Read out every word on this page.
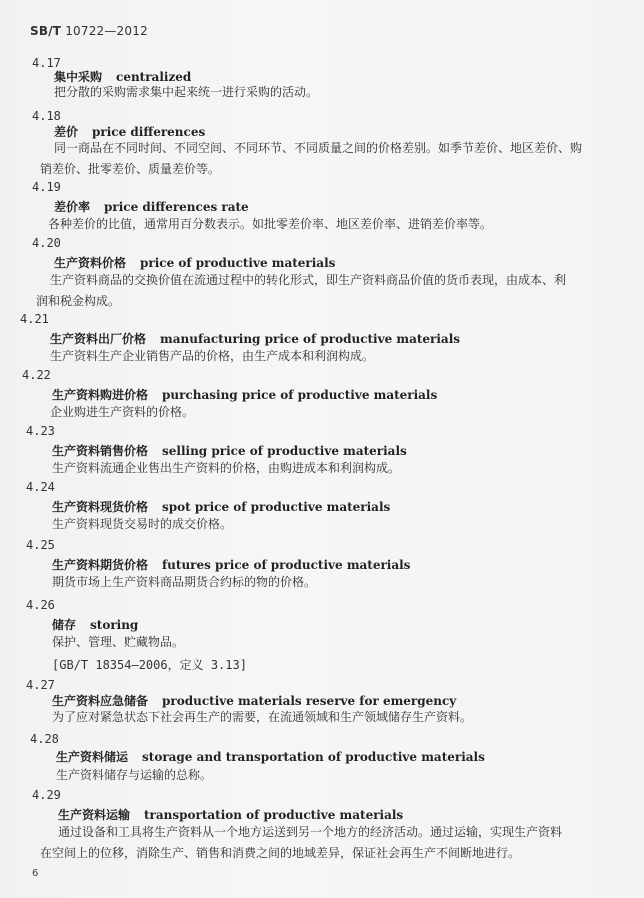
SB/T 10722—2012
4.17
集中采购 centralized
把分散的采购需求集中起来统一进行采购的活动。
4.18
差价 price differences
同一商品在不同时间、不同空间、不同环节、不同质量之间的价格差别。如季节差价、地区差价、购
销差价、批零差价、质量差价等。
4.19
差价率 price differences rate
各种差价的比值，通常用百分数表示。如批零差价率、地区差价率、进销差价率等。
4.20
生产资料价格 price of productive materials
生产资料商品的交换价值在流通过程中的转化形式，即生产资料商品价值的货币表现，由成本、利
润和税金构成。
4.21
生产资料出厂价格 manufacturing price of productive materials
生产资料生产企业销售产品的价格，由生产成本和利润构成。
4.22
生产资料购进价格 purchasing price of productive materials
企业购进生产资料的价格。
4.23
生产资料销售价格 selling price of productive materials
生产资料流通企业售出生产资料的价格，由购进成本和利润构成。
4.24
生产资料现货价格 spot price of productive materials
生产资料现货交易时的成交价格。
4.25
生产资料期货价格 futures price of productive materials
期货市场上生产资料商品期货合约标的物的价格。
4.26
储存 storing
保护、管理、贮藏物品。
[GB/T 18354—2006，定义 3.13]
4.27
生产资料应急储备 productive materials reserve for emergency
为了应对紧急状态下社会再生产的需要，在流通领域和生产领域储存生产资料。
4.28
生产资料储运 storage and transportation of productive materials
生产资料储存与运输的总称。
4.29
生产资料运输 transportation of productive materials
通过设备和工具将生产资料从一个地方运送到另一个地方的经济活动。通过运输，实现生产资料
在空间上的位移，消除生产、销售和消费之间的地域差异，保证社会再生产不间断地进行。
6
